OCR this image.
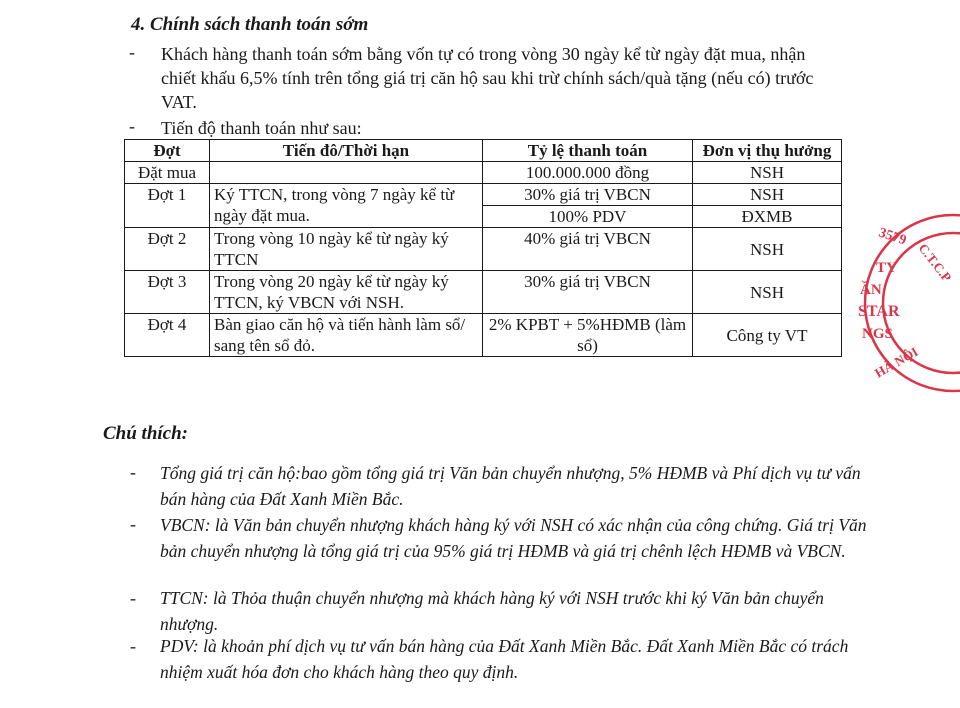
4. Chính sách thanh toán sớm
- Khách hàng thanh toán sớm bằng vốn tự có trong vòng 30 ngày kể từ ngày đặt mua, nhận
chiết khấu 6,5% tính trên tổng giá trị căn hộ sau khi trừ chính sách/quà tặng (nếu có) trước
VAT.
- Tiến độ thanh toán như sau:
Đợt	Tiến đô/Thời hạn	Tỷ lệ thanh toán	Đơn vị thụ hưởng
Đặt mua		100.000.000 đồng	NSH
Đợt 1	Ký TTCN, trong vòng 7 ngày kể từ ngày đặt mua.	30% giá trị VBCN	NSH
		100% PDV	ĐXMB
Đợt 2	Trong vòng 10 ngày kể từ ngày ký TTCN	40% giá trị VBCN	NSH
Đợt 3	Trong vòng 20 ngày kể từ ngày ký TTCN, ký VBCN với NSH.	30% giá trị VBCN	NSH
Đợt 4	Bàn giao căn hộ và tiến hành làm sổ/ sang tên sổ đỏ.	2% KPBT + 5%HĐMB (làm sổ)	Công ty VT
Chú thích:
- Tổng giá trị căn hộ:bao gồm tổng giá trị Văn bản chuyển nhượng, 5% HĐMB và Phí dịch vụ tư vấn bán hàng của Đất Xanh Miền Bắc.
- VBCN: là Văn bản chuyển nhượng khách hàng ký với NSH có xác nhận của công chứng. Giá trị Văn bản chuyển nhượng là tổng giá trị của 95% giá trị HĐMB và giá trị chênh lệch HĐMB và VBCN.
- TTCN: là Thỏa thuận chuyển nhượng mà khách hàng ký với NSH trước khi ký Văn bản chuyển nhượng.
- PDV: là khoản phí dịch vụ tư vấn bán hàng của Đất Xanh Miền Bắc. Đất Xanh Miền Bắc có trách nhiệm xuất hóa đơn cho khách hàng theo quy định.
3579
C.T.C.P
TY
ẦN
STAR
NGS
HÀ NỘI
